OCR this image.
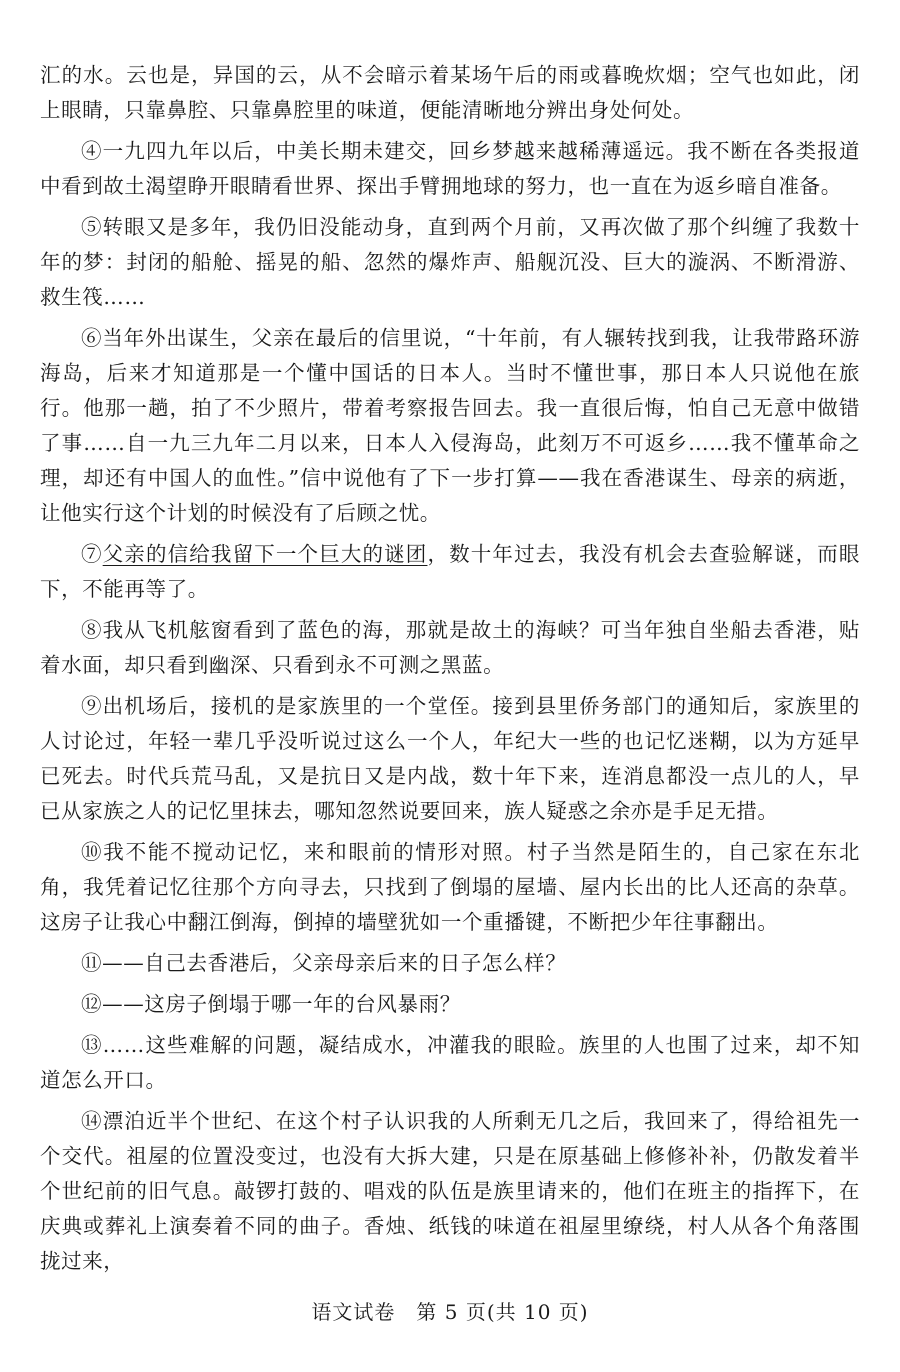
汇的水。云也是，异国的云，从不会暗示着某场午后的雨或暮晚炊烟；空气也如此，闭上眼睛，只靠鼻腔、只靠鼻腔里的味道，便能清晰地分辨出身处何处。

④一九四九年以后，中美长期未建交，回乡梦越来越稀薄遥远。我不断在各类报道中看到故土渴望睁开眼睛看世界、探出手臂拥地球的努力，也一直在为返乡暗自准备。

⑤转眼又是多年，我仍旧没能动身，直到两个月前，又再次做了那个纠缠了我数十年的梦：封闭的船舱、摇晃的船、忽然的爆炸声、船舰沉没、巨大的漩涡、不断滑游、救生筏……

⑥当年外出谋生，父亲在最后的信里说，“十年前，有人辗转找到我，让我带路环游海岛，后来才知道那是一个懂中国话的日本人。当时不懂世事，那日本人只说他在旅行。他那一趟，拍了不少照片，带着考察报告回去。我一直很后悔，怕自己无意中做错了事……自一九三九年二月以来，日本人入侵海岛，此刻万不可返乡……我不懂革命之理，却还有中国人的血性。”信中说他有了下一步打算——我在香港谋生、母亲的病逝，让他实行这个计划的时候没有了后顾之忧。

⑦父亲的信给我留下一个巨大的谜团，数十年过去，我没有机会去查验解谜，而眼下，不能再等了。

⑧我从飞机舷窗看到了蓝色的海，那就是故土的海峡？可当年独自坐船去香港，贴着水面，却只看到幽深、只看到永不可测之黑蓝。

⑨出机场后，接机的是家族里的一个堂侄。接到县里侨务部门的通知后，家族里的人讨论过，年轻一辈几乎没听说过这么一个人，年纪大一些的也记忆迷糊，以为方延早已死去。时代兵荒马乱，又是抗日又是内战，数十年下来，连消息都没一点儿的人，早已从家族之人的记忆里抹去，哪知忽然说要回来，族人疑惑之余亦是手足无措。

⑩我不能不搅动记忆，来和眼前的情形对照。村子当然是陌生的，自己家在东北角，我凭着记忆往那个方向寻去，只找到了倒塌的屋墙、屋内长出的比人还高的杂草。这房子让我心中翻江倒海，倒掉的墙壁犹如一个重播键，不断把少年往事翻出。

⑪——自己去香港后，父亲母亲后来的日子怎么样？

⑫——这房子倒塌于哪一年的台风暴雨？

⑬……这些难解的问题，凝结成水，冲灌我的眼睑。族里的人也围了过来，却不知道怎么开口。

⑭漂泊近半个世纪、在这个村子认识我的人所剩无几之后，我回来了，得给祖先一个交代。祖屋的位置没变过，也没有大拆大建，只是在原基础上修修补补，仍散发着半个世纪前的旧气息。敲锣打鼓的、唱戏的队伍是族里请来的，他们在班主的指挥下，在庆典或葬礼上演奏着不同的曲子。香烛、纸钱的味道在祖屋里缭绕，村人从各个角落围拢过来，

语文试卷　第 5 页(共 10 页)
